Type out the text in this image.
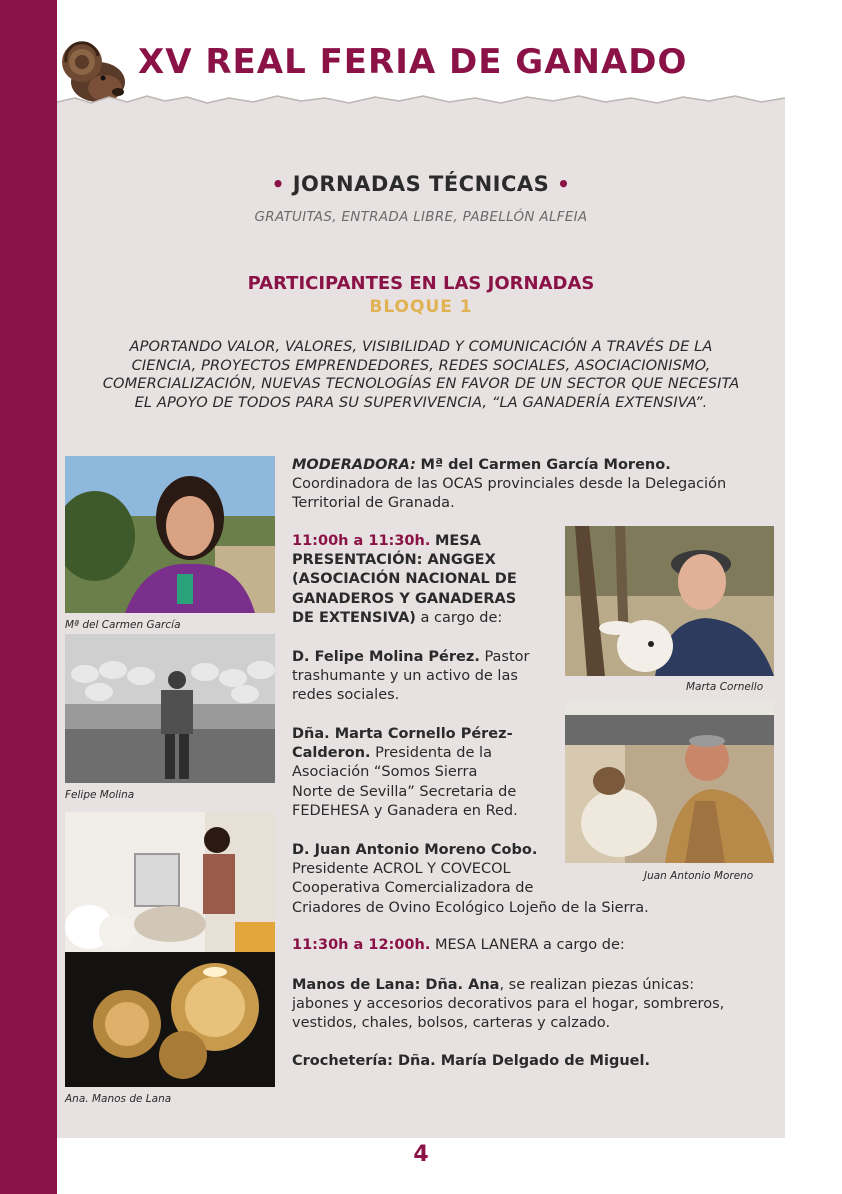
XV REAL FERIA DE GANADO
• JORNADAS TÉCNICAS •
GRATUITAS, ENTRADA LIBRE, PABELLÓN ALFEIA
PARTICIPANTES EN LAS JORNADAS
BLOQUE 1
APORTANDO VALOR, VALORES, VISIBILIDAD Y COMUNICACIÓN A TRAVÉS DE LA
CIENCIA, PROYECTOS EMPRENDEDORES, REDES SOCIALES, ASOCIACIONISMO,
COMERCIALIZACIÓN, NUEVAS TECNOLOGÍAS EN FAVOR DE UN SECTOR QUE NECESITA
EL APOYO DE TODOS PARA SU SUPERVIVENCIA, “LA GANADERÍA EXTENSIVA”.
Mª del Carmen García
Felipe Molina
Ana. Manos de Lana
Marta Cornello
Juan Antonio Moreno
MODERADORA: Mª del Carmen García Moreno.
Coordinadora de las OCAS provinciales desde la Delegación
Territorial de Granada.
11:00h a 11:30h. MESA
PRESENTACIÓN: ANGGEX
(ASOCIACIÓN NACIONAL DE
GANADEROS Y GANADERAS
DE EXTENSIVA) a cargo de:
D. Felipe Molina Pérez. Pastor
trashumante y un activo de las
redes sociales.
Dña. Marta Cornello Pérez-
Calderon. Presidenta de la
Asociación “Somos Sierra
Norte de Sevilla” Secretaria de
FEDEHESA y Ganadera en Red.
D. Juan Antonio Moreno Cobo.
Presidente ACROL Y COVECOL
Cooperativa Comercializadora de
Criadores de Ovino Ecológico Lojeño de la Sierra.
11:30h a 12:00h. MESA LANERA a cargo de:
Manos de Lana: Dña. Ana, se realizan piezas únicas:
jabones y accesorios decorativos para el hogar, sombreros,
vestidos, chales, bolsos, carteras y calzado.
Crochetería: Dña. María Delgado de Miguel.
4
